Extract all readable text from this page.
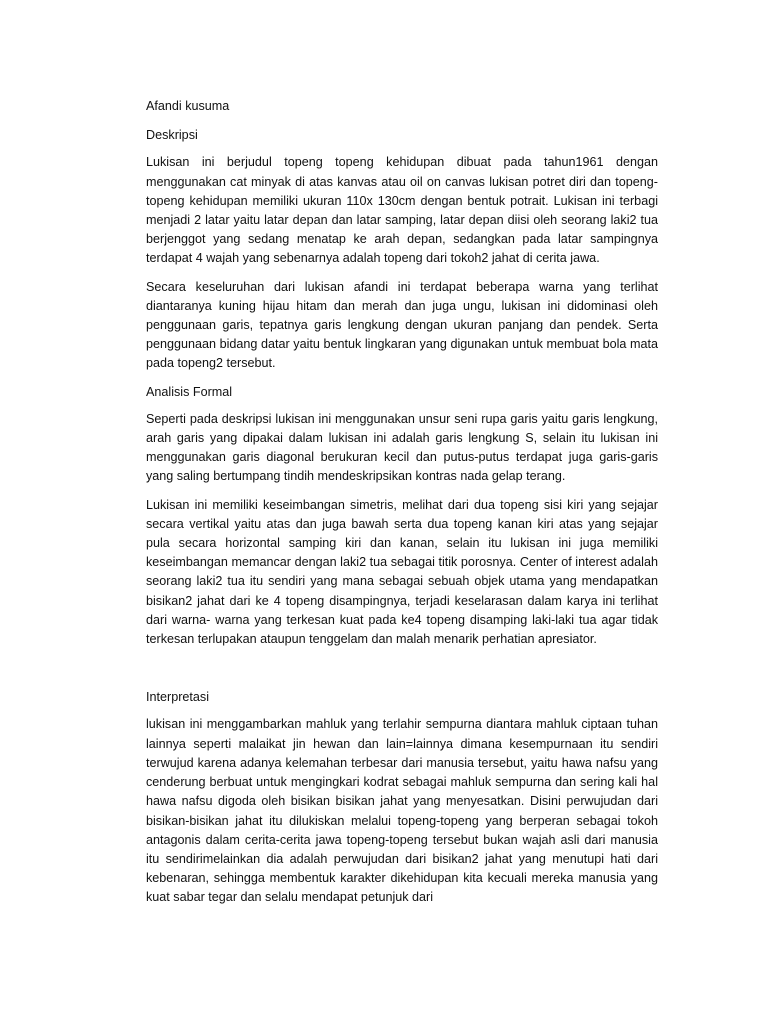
Afandi kusuma

Deskripsi

Lukisan ini berjudul topeng topeng kehidupan dibuat pada tahun1961 dengan menggunakan cat minyak di atas kanvas atau oil on canvas lukisan potret diri dan topeng-topeng kehidupan memiliki ukuran 110x 130cm dengan bentuk potrait. Lukisan ini terbagi menjadi 2 latar yaitu latar depan dan latar samping, latar depan diisi oleh seorang laki2 tua berjenggot yang sedang menatap ke arah depan, sedangkan pada latar sampingnya terdapat 4 wajah yang sebenarnya adalah topeng dari tokoh2 jahat di cerita jawa.

Secara keseluruhan dari lukisan afandi ini terdapat beberapa warna yang terlihat diantaranya kuning hijau hitam dan merah dan juga ungu, lukisan ini didominasi oleh penggunaan garis, tepatnya garis lengkung dengan ukuran panjang dan pendek. Serta penggunaan bidang datar yaitu bentuk lingkaran yang digunakan untuk membuat bola mata pada topeng2 tersebut.

Analisis Formal

Seperti pada deskripsi lukisan ini menggunakan unsur seni rupa garis yaitu garis lengkung, arah garis yang dipakai dalam lukisan ini adalah garis lengkung S, selain itu lukisan ini menggunakan garis diagonal berukuran kecil dan putus-putus terdapat juga garis-garis yang saling bertumpang tindih mendeskripsikan kontras nada gelap terang.

Lukisan ini memiliki keseimbangan simetris, melihat dari dua topeng sisi kiri yang sejajar secara vertikal yaitu atas dan juga bawah serta dua topeng kanan kiri atas yang sejajar pula secara horizontal samping kiri dan kanan, selain itu lukisan ini juga memiliki keseimbangan memancar dengan laki2 tua sebagai titik porosnya. Center of interest adalah seorang laki2 tua itu sendiri yang mana sebagai sebuah objek utama yang mendapatkan bisikan2 jahat dari ke 4 topeng disampingnya, terjadi keselarasan dalam karya ini terlihat dari warna- warna yang terkesan kuat pada ke4 topeng disamping laki-laki tua agar tidak terkesan terlupakan ataupun tenggelam dan malah menarik perhatian apresiator.

Interpretasi

lukisan ini menggambarkan mahluk yang terlahir sempurna diantara mahluk ciptaan tuhan lainnya seperti malaikat jin hewan dan lain=lainnya dimana kesempurnaan itu sendiri terwujud karena adanya kelemahan terbesar dari manusia tersebut, yaitu hawa nafsu yang cenderung berbuat untuk mengingkari kodrat sebagai mahluk sempurna dan sering kali hal hawa nafsu digoda oleh bisikan bisikan jahat yang menyesatkan. Disini perwujudan dari bisikan-bisikan jahat itu dilukiskan melalui topeng-topeng yang berperan sebagai tokoh antagonis dalam cerita-cerita jawa topeng-topeng tersebut bukan wajah asli dari manusia itu sendirimelainkan dia adalah perwujudan dari bisikan2 jahat yang menutupi hati dari kebenaran, sehingga membentuk karakter dikehidupan kita kecuali mereka manusia yang kuat sabar tegar dan selalu mendapat petunjuk dari
